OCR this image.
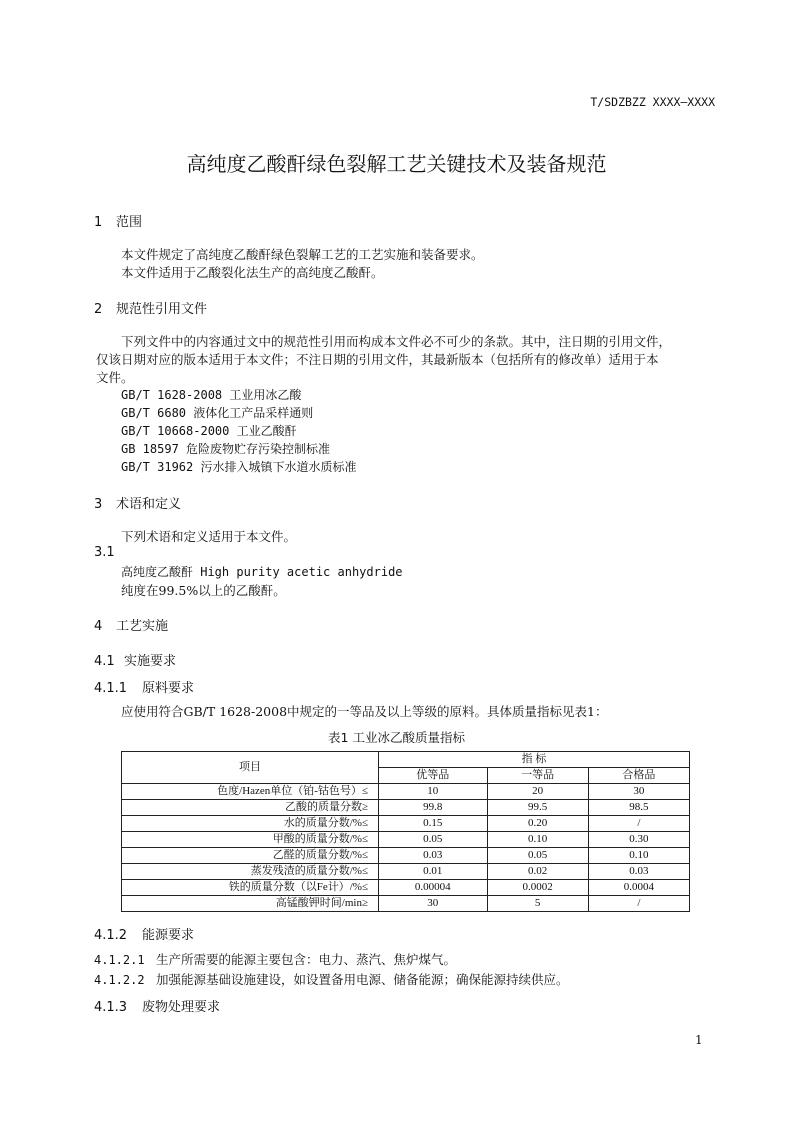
T/SDZBZZ XXXX—XXXX
高纯度乙酸酐绿色裂解工艺关键技术及装备规范
1 范围
本文件规定了高纯度乙酸酐绿色裂解工艺的工艺实施和装备要求。
本文件适用于乙酸裂化法生产的高纯度乙酸酐。
2 规范性引用文件
下列文件中的内容通过文中的规范性引用而构成本文件必不可少的条款。其中，注日期的引用文件，
仅该日期对应的版本适用于本文件；不注日期的引用文件，其最新版本（包括所有的修改单）适用于本
文件。
GB/T 1628-2008 工业用冰乙酸
GB/T 6680 液体化工产品采样通则
GB/T 10668-2000 工业乙酸酐
GB 18597 危险废物贮存污染控制标准
GB/T 31962 污水排入城镇下水道水质标准
3 术语和定义
下列术语和定义适用于本文件。
3.1
高纯度乙酸酐 High purity acetic anhydride
纯度在99.5%以上的乙酸酐。
4 工艺实施
4.1 实施要求
4.1.1 原料要求
应使用符合GB/T 1628-2008中规定的一等品及以上等级的原料。具体质量指标见表1：
表1 工业冰乙酸质量指标
项目	指 标		
	优等品	一等品	合格品
色度/Hazen单位（铂-钴色号）≤	10	20	30
乙酸的质量分数≥	99.8	99.5	98.5
水的质量分数/%≤	0.15	0.20	/
甲酸的质量分数/%≤	0.05	0.10	0.30
乙醛的质量分数/%≤	0.03	0.05	0.10
蒸发残渣的质量分数/%≤	0.01	0.02	0.03
铁的质量分数（以Fe计）/%≤	0.00004	0.0002	0.0004
高锰酸钾时间/min≥	30	5	/
4.1.2 能源要求
4.1.2.1 生产所需要的能源主要包含：电力、蒸汽、焦炉煤气。
4.1.2.2 加强能源基础设施建设，如设置备用电源、储备能源；确保能源持续供应。
4.1.3 废物处理要求
1
